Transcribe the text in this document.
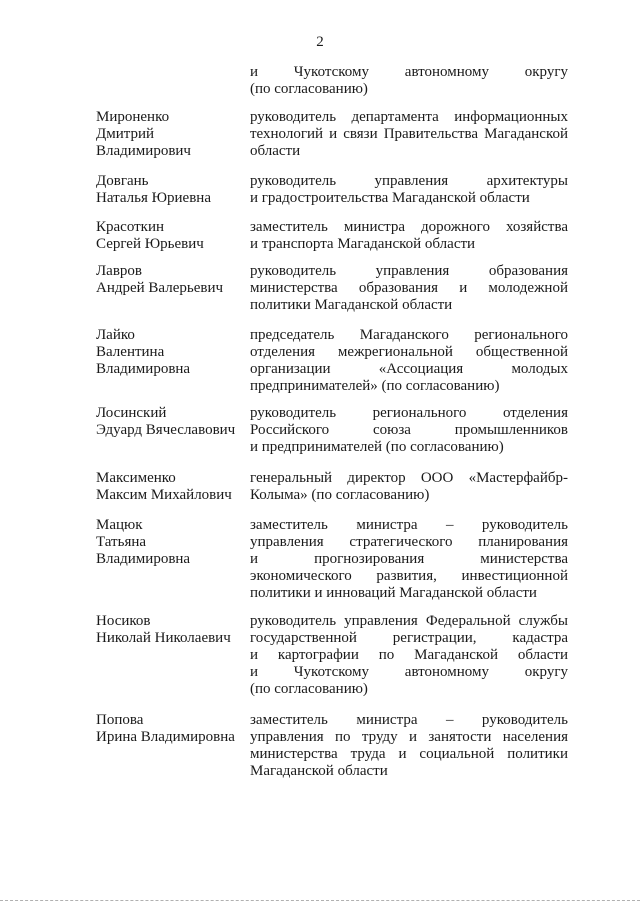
2
и Чукотскому автономному округу
(по согласованию)
Мироненко
Дмитрий
Владимирович
руководитель департамента информационных
технологий и связи Правительства Магаданской
области
Довгань
Наталья Юриевна
руководитель управления архитектуры
и градостроительства Магаданской области
Красоткин
Сергей Юрьевич
заместитель министра дорожного хозяйства
и транспорта Магаданской области
Лавров
Андрей Валерьевич
руководитель управления образования
министерства образования и молодежной
политики Магаданской области
Лайко
Валентина
Владимировна
председатель Магаданского регионального
отделения межрегиональной общественной
организации «Ассоциация молодых
предпринимателей» (по согласованию)
Лосинский
Эдуард Вячеславович
руководитель регионального отделения
Российского союза промышленников
и предпринимателей (по согласованию)
Максименко
Максим Михайлович
генеральный директор ООО «Мастерфайбр-
Колыма» (по согласованию)
Мацюк
Татьяна
Владимировна
заместитель министра – руководитель
управления стратегического планирования
и прогнозирования министерства
экономического развития, инвестиционной
политики и инноваций Магаданской области
Носиков
Николай Николаевич
руководитель управления Федеральной службы
государственной регистрации, кадастра
и картографии по Магаданской области
и Чукотскому автономному округу
(по согласованию)
Попова
Ирина Владимировна
заместитель министра – руководитель
управления по труду и занятости населения
министерства труда и социальной политики
Магаданской области
